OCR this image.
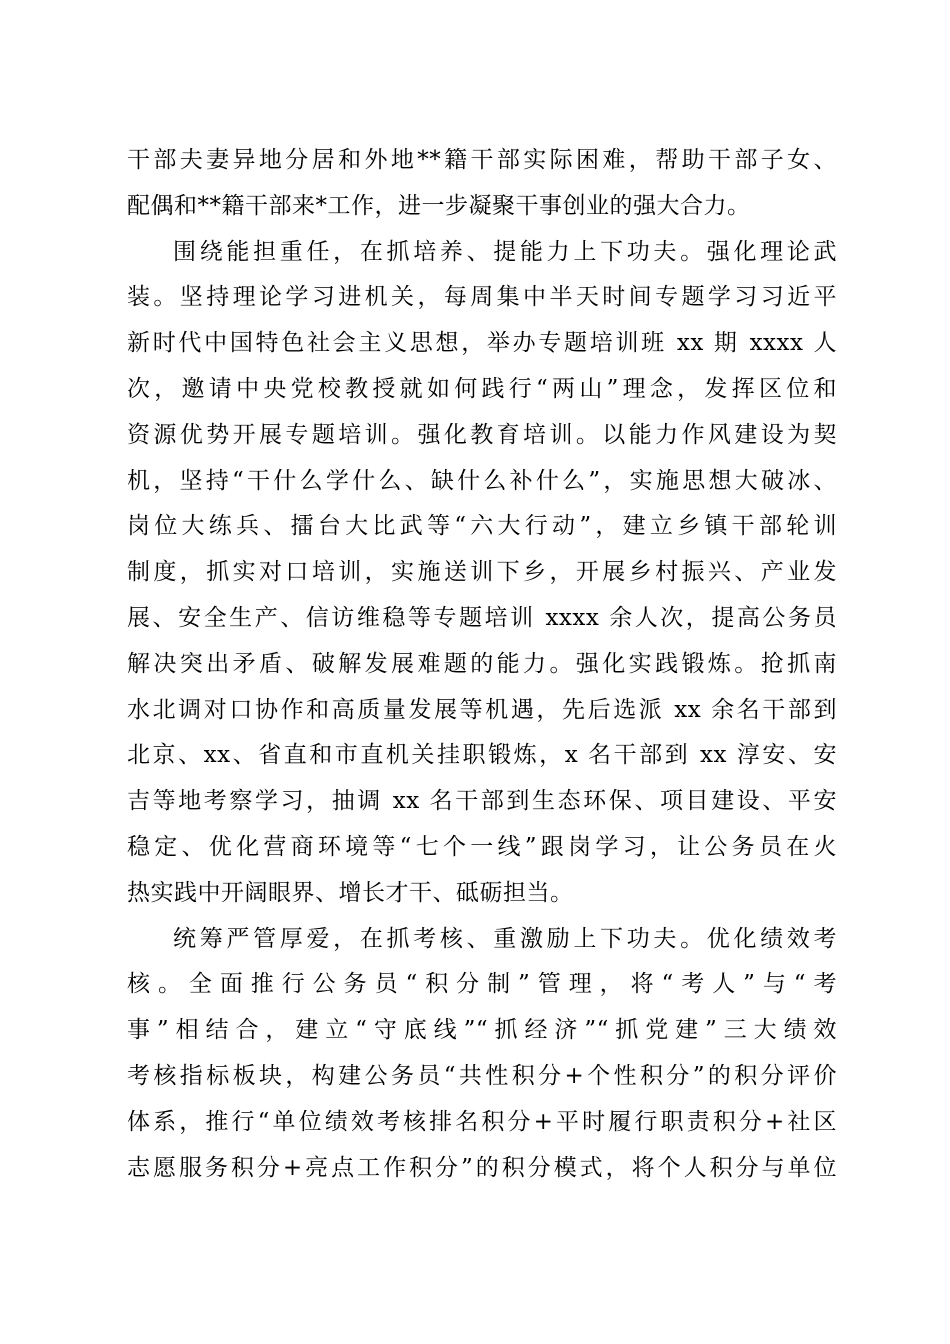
干部夫妻异地分居和外地**籍干部实际困难，帮助干部子女、
配偶和**籍干部来*工作，进一步凝聚干事创业的强大合力。
围绕能担重任，在抓培养、提能力上下功夫。强化理论武
装。坚持理论学习进机关，每周集中半天时间专题学习习近平
新时代中国特色社会主义思想，举办专题培训班 xx 期 xxxx 人
次，邀请中央党校教授就如何践行“两山”理念，发挥区位和
资源优势开展专题培训。强化教育培训。以能力作风建设为契
机，坚持“干什么学什么、缺什么补什么”，实施思想大破冰、
岗位大练兵、擂台大比武等“六大行动”，建立乡镇干部轮训
制度，抓实对口培训，实施送训下乡，开展乡村振兴、产业发
展、安全生产、信访维稳等专题培训 xxxx 余人次，提高公务员
解决突出矛盾、破解发展难题的能力。强化实践锻炼。抢抓南
水北调对口协作和高质量发展等机遇，先后选派 xx 余名干部到
北京、xx、省直和市直机关挂职锻炼，x 名干部到 xx 淳安、安
吉等地考察学习，抽调 xx 名干部到生态环保、项目建设、平安
稳定、优化营商环境等“七个一线”跟岗学习，让公务员在火
热实践中开阔眼界、增长才干、砥砺担当。
统筹严管厚爱，在抓考核、重激励上下功夫。优化绩效考
核。全面推行公务员“积分制”管理，将“考人”与“考
事”相结合，建立“守底线”“抓经济”“抓党建”三大绩效
考核指标板块，构建公务员“共性积分+个性积分”的积分评价
体系，推行“单位绩效考核排名积分+平时履行职责积分+社区
志愿服务积分+亮点工作积分”的积分模式，将个人积分与单位
